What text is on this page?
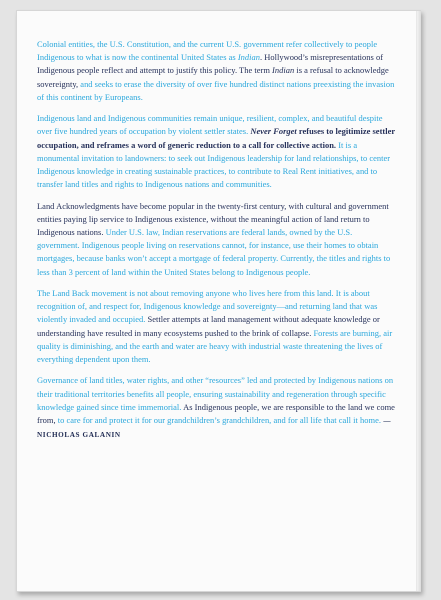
Colonial entities, the U.S. Constitution, and the current U.S. government refer collectively to people Indigenous to what is now the continental United States as Indian. Hollywood’s misrepresentations of Indigenous people reflect and attempt to justify this policy. The term Indian is a refusal to acknowledge sovereignty, and seeks to erase the diversity of over five hundred distinct nations preexisting the invasion of this continent by Europeans.

Indigenous land and Indigenous communities remain unique, resilient, complex, and beautiful despite over five hundred years of occupation by violent settler states. Never Forget refuses to legitimize settler occupation, and reframes a word of generic reduction to a call for collective action. It is a monumental invitation to landowners: to seek out Indigenous leadership for land relationships, to center Indigenous knowledge in creating sustainable practices, to contribute to Real Rent initiatives, and to transfer land titles and rights to Indigenous nations and communities.

Land Acknowledgments have become popular in the twenty-first century, with cultural and government entities paying lip service to Indigenous existence, without the meaningful action of land return to Indigenous nations. Under U.S. law, Indian reservations are federal lands, owned by the U.S. government. Indigenous people living on reservations cannot, for instance, use their homes to obtain mortgages, because banks won’t accept a mortgage of federal property. Currently, the titles and rights to less than 3 percent of land within the United States belong to Indigenous people.

The Land Back movement is not about removing anyone who lives here from this land. It is about recognition of, and respect for, Indigenous knowledge and sovereignty—and returning land that was violently invaded and occupied. Settler attempts at land management without adequate knowledge or understanding have resulted in many ecosystems pushed to the brink of collapse. Forests are burning, air quality is diminishing, and the earth and water are heavy with industrial waste threatening the lives of everything dependent upon them.

Governance of land titles, water rights, and other “resources” led and protected by Indigenous nations on their traditional territories benefits all people, ensuring sustainability and regeneration through specific knowledge gained since time immemorial. As Indigenous people, we are responsible to the land we come from, to care for and protect it for our grandchildren’s grandchildren, and for all life that call it home. —NICHOLAS GALANIN
